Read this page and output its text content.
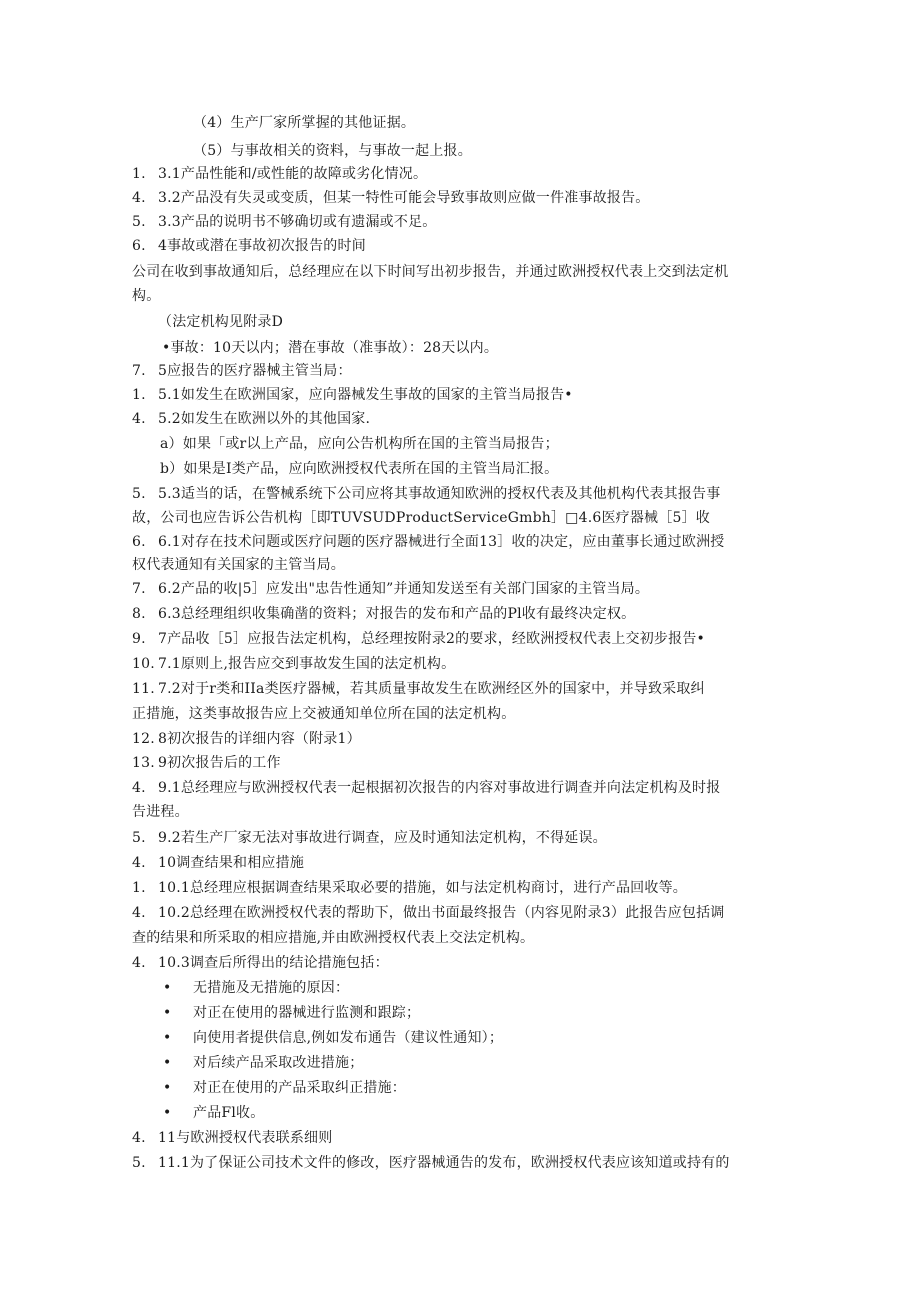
（4）生产厂家所掌握的其他证据。
（5）与事故相关的资料，与事故一起上报。
1. 3.1产品性能和/或性能的故障或劣化情况。
4. 3.2产品没有失灵或变质，但某一特性可能会导致事故则应做一件准事故报告。
5. 3.3产品的说明书不够确切或有遗漏或不足。
6. 4事故或潜在事故初次报告的时间
公司在收到事故通知后，总经理应在以下时间写出初步报告，并通过欧洲授权代表上交到法定机
构。
（法定机构见附录D
•事故：10天以内；潜在事故（准事故）：28天以内。
7. 5应报告的医疗器械主管当局：
1. 5.1如发生在欧洲国家，应向器械发生事故的国家的主管当局报告•
4. 5.2如发生在欧洲以外的其他国家.
a）如果「或r以上产品，应向公告机构所在国的主管当局报告；
b）如果是I类产品，应向欧洲授权代表所在国的主管当局汇报。
5. 5.3适当的话，在警械系统下公司应将其事故通知欧洲的授权代表及其他机构代表其报告事
故，公司也应告诉公告机构［即TUVSUDProductServiceGmbh］□4.6医疗器械［5］收
6. 6.1对存在技术问题或医疗问题的医疗器械进行全面13］收的决定，应由董事长通过欧洲授
权代表通知有关国家的主管当局。
7. 6.2产品的收|5］应发出"忠告性通知”并通知发送至有关部门国家的主管当局。
8. 6.3总经理组织收集确凿的资料；对报告的发布和产品的Pl收有最终决定权。
9. 7产品收［5］应报告法定机构，总经理按附录2的要求，经欧洲授权代表上交初步报告•
10. 7.1原则上,报告应交到事故发生国的法定机构。
11. 7.2对于r类和IIa类医疗器械，若其质量事故发生在欧洲经区外的国家中，并导致采取纠
正措施，这类事故报告应上交被通知单位所在国的法定机构。
12. 8初次报告的详细内容（附录1）
13. 9初次报告后的工作
4. 9.1总经理应与欧洲授权代表一起根据初次报告的内容对事故进行调查并向法定机构及时报
告进程。
5. 9.2若生产厂家无法对事故进行调查，应及时通知法定机构，不得延误。
4. 10调查结果和相应措施
1. 10.1总经理应根据调查结果采取必要的措施，如与法定机构商讨，进行产品回收等。
4. 10.2总经理在欧洲授权代表的帮助下，做出书面最终报告（内容见附录3）此报告应包括调
查的结果和所采取的相应措施,并由欧洲授权代表上交法定机构。
4. 10.3调查后所得出的结论措施包括：
• 无措施及无措施的原因：
• 对正在使用的器械进行监测和跟踪；
• 向使用者提供信息,例如发布通告（建议性通知）；
• 对后续产品采取改进措施；
• 对正在使用的产品采取纠正措施：
• 产品Fl收。
4. 11与欧洲授权代表联系细则
5. 11.1为了保证公司技术文件的修改，医疗器械通告的发布，欧洲授权代表应该知道或持有的
